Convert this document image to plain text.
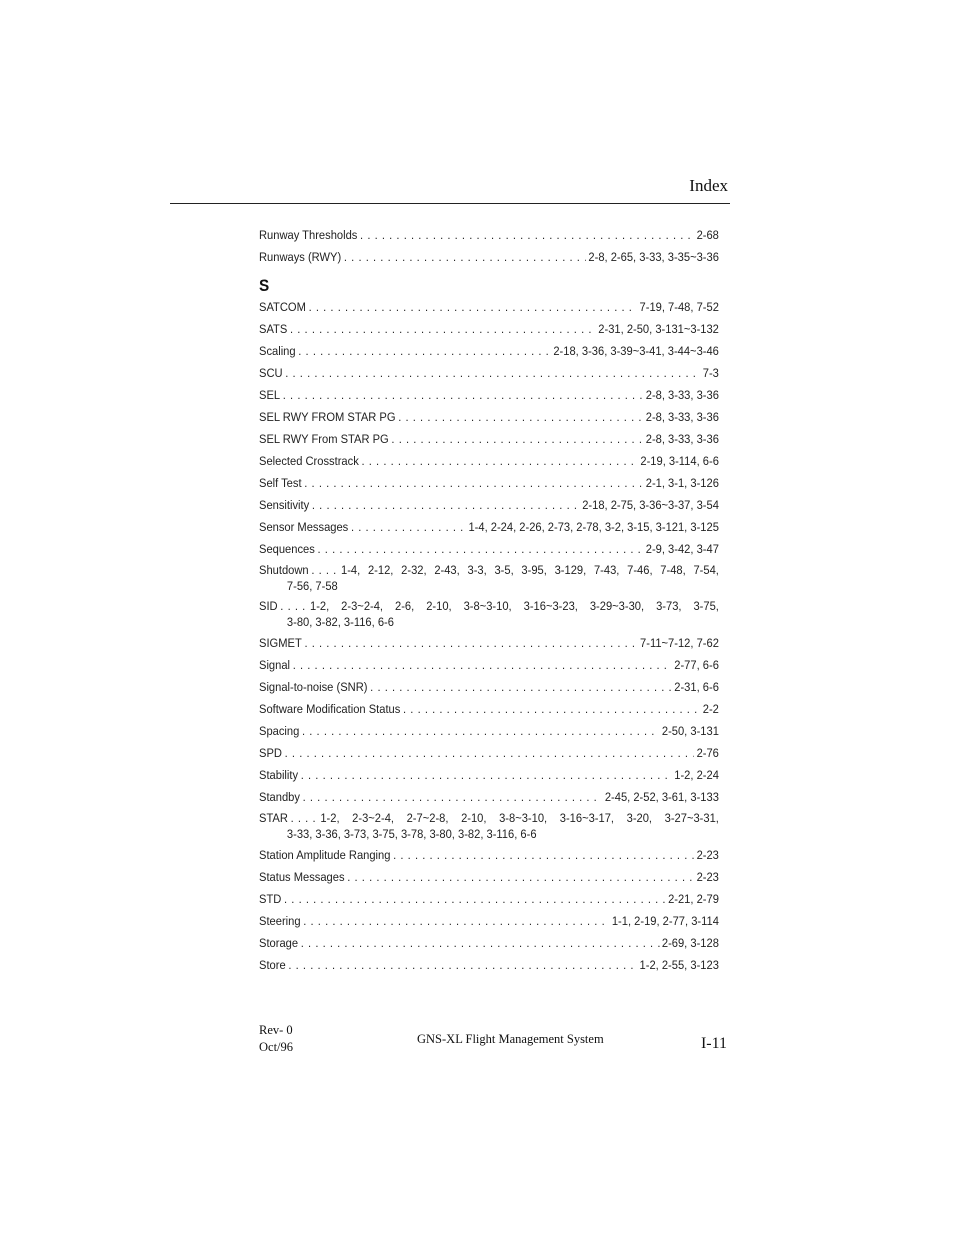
Index
Runway Thresholds . . .	2-68
Runways (RWY) . . .	2-8, 2-65, 3-33, 3-35~3-36
S
SATCOM . . .	7-19, 7-48, 7-52
SATS . . .	2-31, 2-50, 3-131~3-132
Scaling . . .	2-18, 3-36, 3-39~3-41, 3-44~3-46
SCU . . .	7-3
SEL . . .	2-8, 3-33, 3-36
SEL RWY FROM STAR PG . . .	2-8, 3-33, 3-36
SEL RWY From STAR PG . . .	2-8, 3-33, 3-36
Selected Crosstrack . . .	2-19, 3-114, 6-6
Self Test . . .	2-1, 3-1, 3-126
Sensitivity . . .	2-18, 2-75, 3-36~3-37, 3-54
Sensor Messages . . .	1-4, 2-24, 2-26, 2-73, 2-78, 3-2, 3-15, 3-121, 3-125
Sequences . . .	2-9, 3-42, 3-47
Shutdown . . .	1-4, 2-12, 2-32, 2-43, 3-3, 3-5, 3-95, 3-129, 7-43, 7-46, 7-48, 7-54,
7-56, 7-58
SID . . .	1-2, 2-3~2-4, 2-6, 2-10, 3-8~3-10, 3-16~3-23, 3-29~3-30, 3-73, 3-75,
3-80, 3-82, 3-116, 6-6
SIGMET . . .	7-11~7-12, 7-62
Signal . . .	2-77, 6-6
Signal-to-noise (SNR) . . .	2-31, 6-6
Software Modification Status . . .	2-2
Spacing . . .	2-50, 3-131
SPD . . .	2-76
Stability . . .	1-2, 2-24
Standby . . .	2-45, 2-52, 3-61, 3-133
STAR . . .	1-2, 2-3~2-4, 2-7~2-8, 2-10, 3-8~3-10, 3-16~3-17, 3-20, 3-27~3-31,
3-33, 3-36, 3-73, 3-75, 3-78, 3-80, 3-82, 3-116, 6-6
Station Amplitude Ranging . . .	2-23
Status Messages . . .	2-23
STD . . .	2-21, 2-79
Steering . . .	1-1, 2-19, 2-77, 3-114
Storage . . .	2-69, 3-128
Store . . .	1-2, 2-55, 3-123
Rev- 0
Oct/96
GNS-XL Flight Management System	I-11
